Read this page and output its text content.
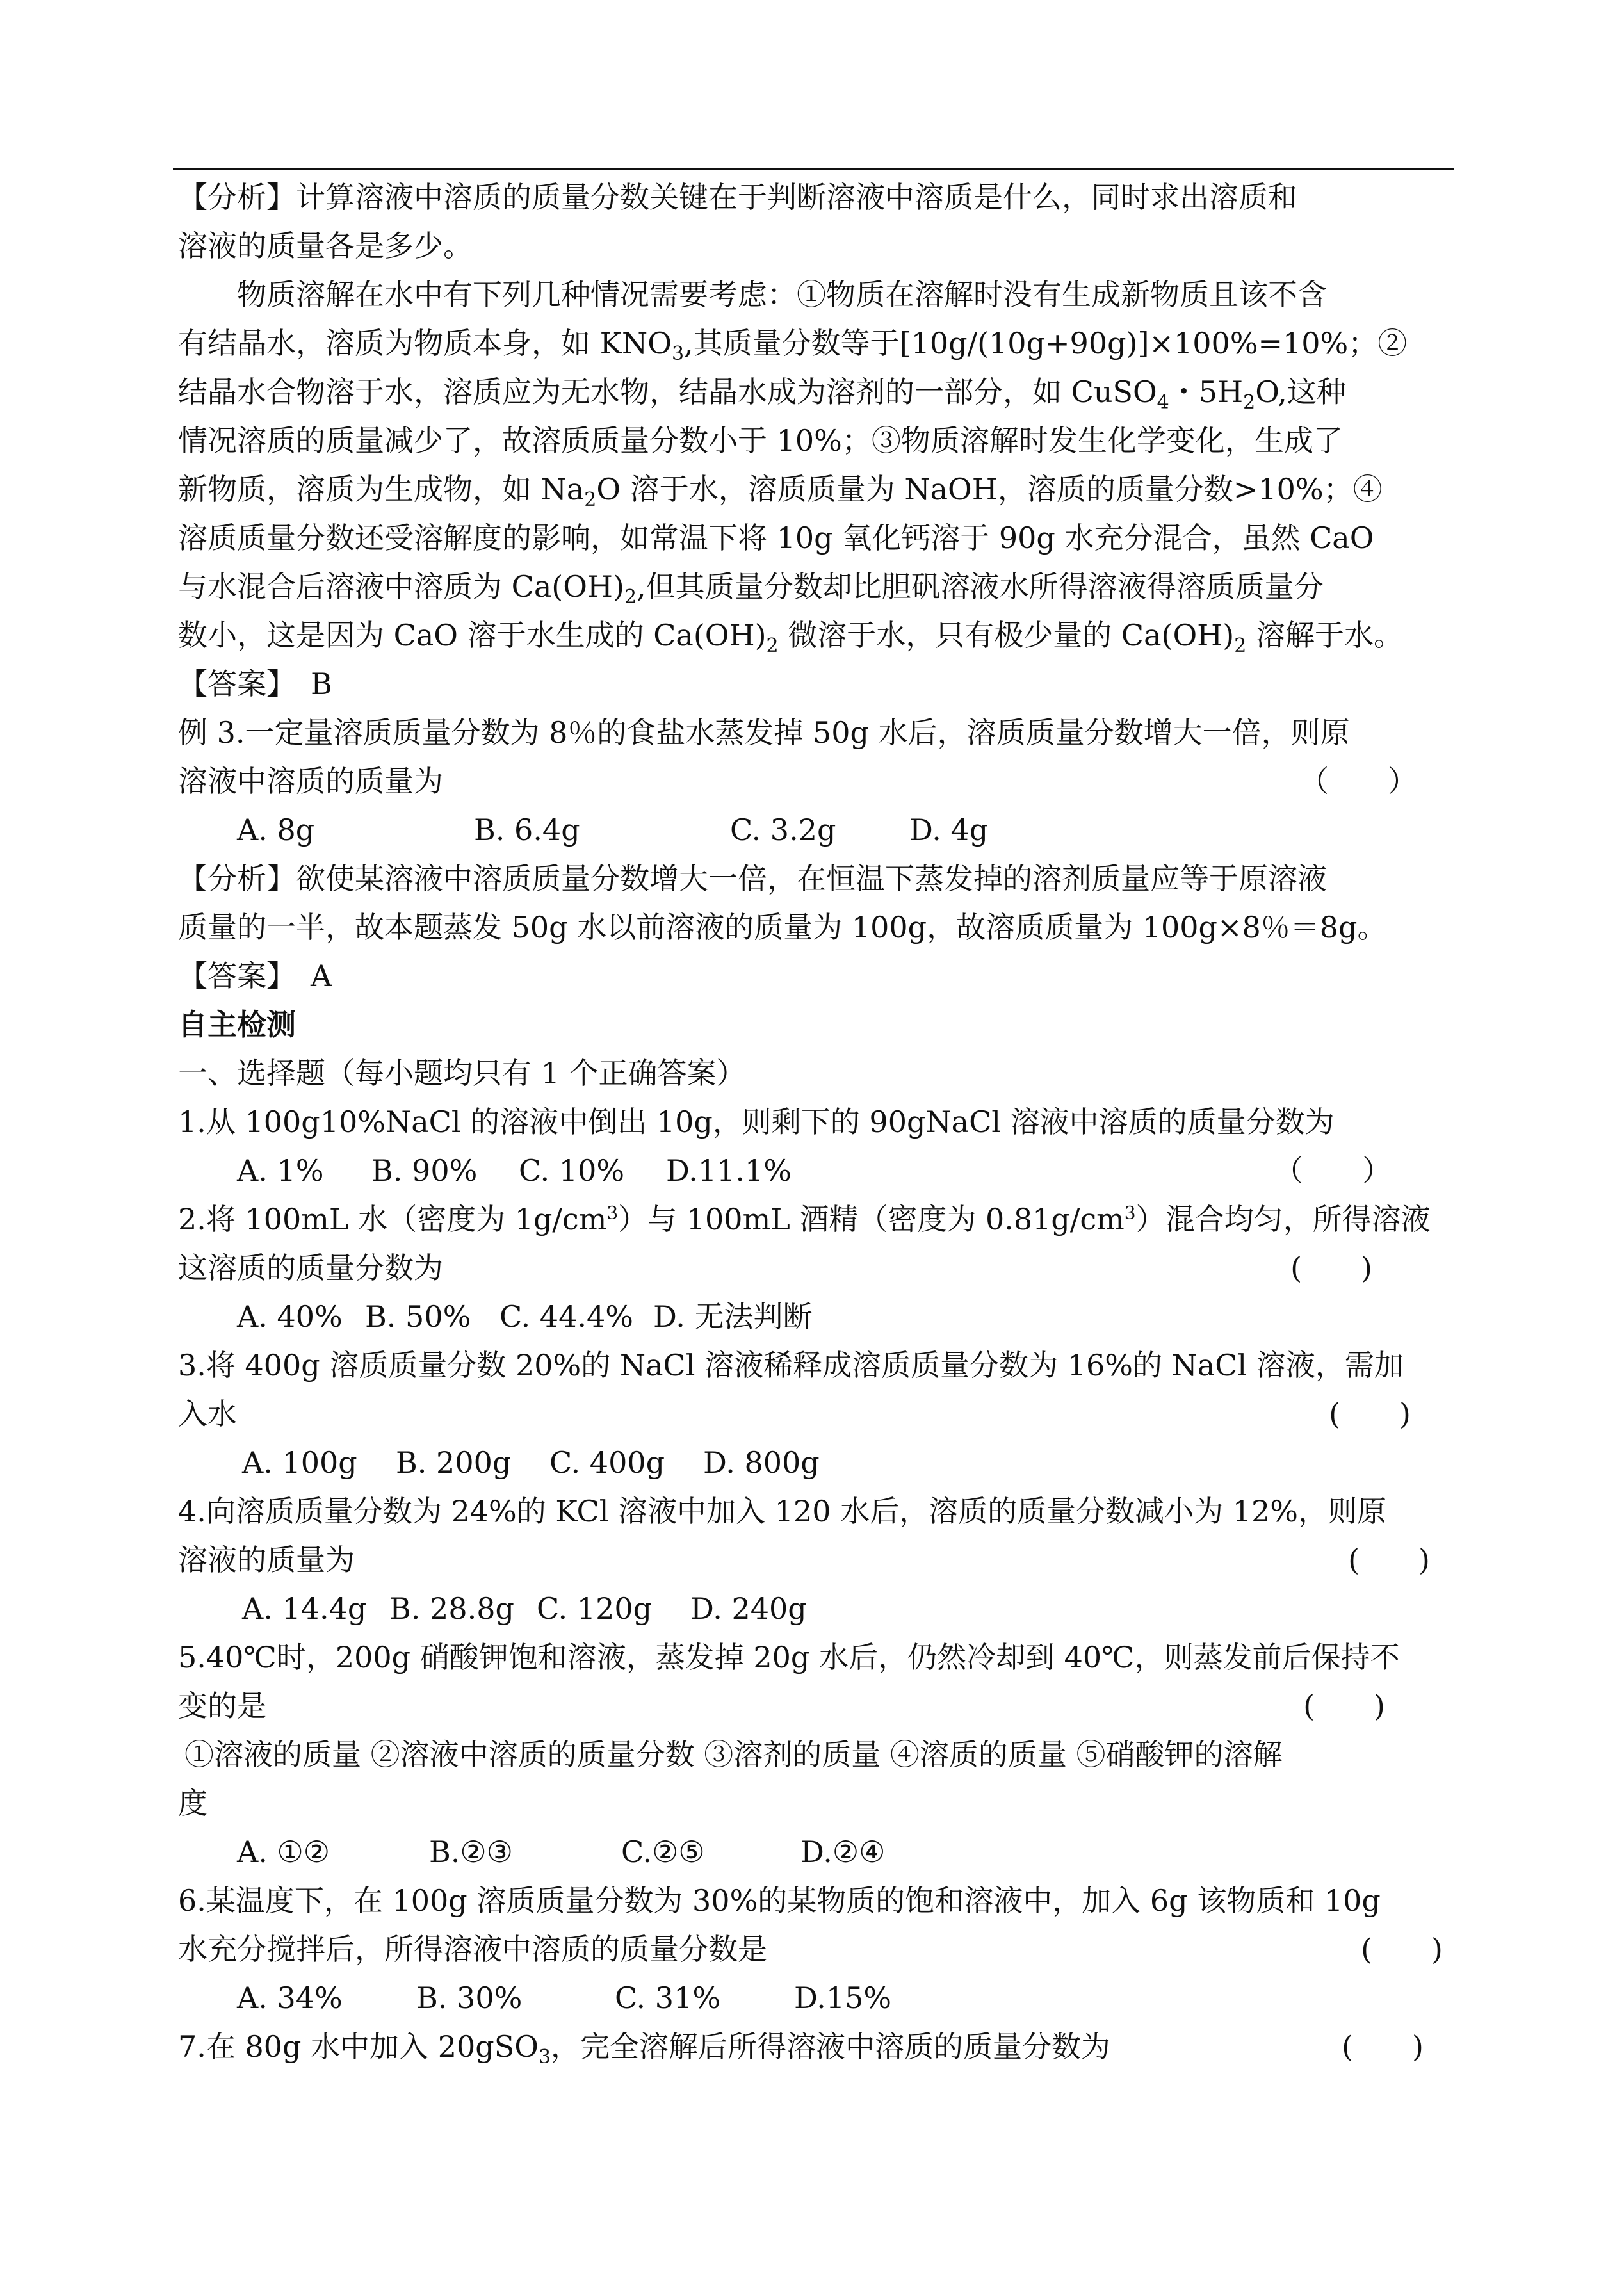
【分析】计算溶液中溶质的质量分数关键在于判断溶液中溶质是什么，同时求出溶质和
溶液的质量各是多少。
物质溶解在水中有下列几种情况需要考虑：①物质在溶解时没有生成新物质且该不含
有结晶水，溶质为物质本身，如 $KNO_3$,其质量分数等于[10g/(10g+90g)]×100%=10%；②
结晶水合物溶于水，溶质应为无水物，结晶水成为溶剂的一部分，如 CuSO$_4$・$5H_2O$,这种
情况溶质的质量减少了，故溶质质量分数小于 10%；③物质溶解时发生化学变化，生成了
新物质，溶质为生成物，如 $Na_2O$ 溶于水，溶质质量为 NaOH，溶质的质量分数>10%；④
溶质质量分数还受溶解度的影响，如常温下将 10g 氧化钙溶于 90g 水充分混合，虽然 CaO
与水混合后溶液中溶质为 $Ca(OH)_2$,但其质量分数却比胆矾溶液水所得溶液得溶质质量分
数小，这是因为 CaO 溶于水生成的 $Ca(OH)_2$ 微溶于水，只有极少量的 $Ca(OH)_2$ 溶解于水。
【答案】　B
例 3.一定量溶质质量分数为 8％的食盐水蒸发掉 50g 水后，溶质质量分数增大一倍，则原
溶液中溶质的质量为	（　　）
A. 8g	B. 6.4g	C. 3.2g D. 4g
【分析】欲使某溶液中溶质质量分数增大一倍，在恒温下蒸发掉的溶剂质量应等于原溶液
质量的一半，故本题蒸发 50g 水以前溶液的质量为 100g，故溶质质量为 100g×8％＝8g。
【答案】　A
自主检测
一、选择题（每小题均只有 1 个正确答案）
1.从 100g10%NaCl 的溶液中倒出 10g，则剩下的 90gNaCl 溶液中溶质的质量分数为
A. 1% B. 90% C. 10% D.11.1%	（　　）
2.将 100mL 水（密度为 $1g/cm^3$）与 100mL 酒精（密度为 $0.81g/cm^3$）混合均匀，所得溶液
这溶质的质量分数为	(　　)
A. 40% B. 50% C. 44.4% D. 无法判断
3.将 400g 溶质质量分数 20%的 NaCl 溶液稀释成溶质质量分数为 16%的 NaCl 溶液，需加
入水	(　　)
A. 100g B. 200g C. 400g D. 800g
4.向溶质质量分数为 24%的 KCl 溶液中加入 120 水后，溶质的质量分数减小为 12%，则原
溶液的质量为	(　　)
A. 14.4g B. 28.8g C. 120g D. 240g
5.40℃时，200g 硝酸钾饱和溶液，蒸发掉 20g 水后，仍然冷却到 40℃，则蒸发前后保持不
变的是	(　　)
①溶液的质量 ②溶液中溶质的质量分数 ③溶剂的质量 ④溶质的质量 ⑤硝酸钾的溶解
度
A. ①②	B.②③	C.②⑤	D.②④
6.某温度下，在 100g 溶质质量分数为 30%的某物质的饱和溶液中，加入 6g 该物质和 10g
水充分搅拌后，所得溶液中溶质的质量分数是	(　　)
A. 34%	B. 30%	C. 31% D.15%
7.在 80g 水中加入 20gSO$_3$，完全溶解后所得溶液中溶质的质量分数为	(　　)
